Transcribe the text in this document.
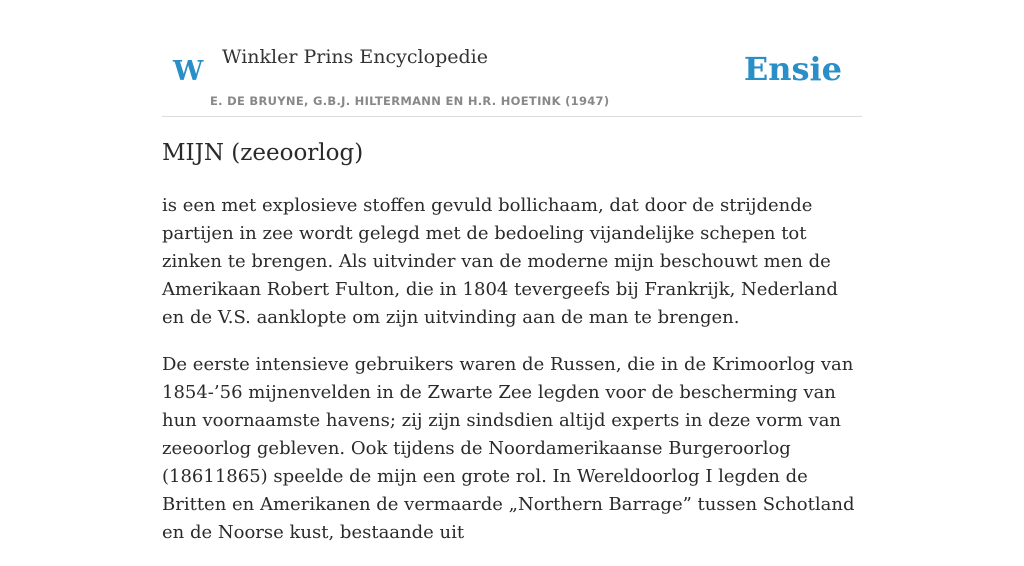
W Winkler Prins Encyclopedie
E. DE BRUYNE, G.B.J. HILTERMANN EN H.R. HOETINK (1947)
Ensie
MIJN (zeeoorlog)

is een met explosieve stoffen gevuld bollichaam, dat door de strijdende partijen in zee wordt gelegd met de bedoeling vijandelijke schepen tot zinken te brengen. Als uitvinder van de moderne mijn beschouwt men de Amerikaan Robert Fulton, die in 1804 tevergeefs bij Frankrijk, Nederland en de V.S. aanklopte om zijn uitvinding aan de man te brengen.

De eerste intensieve gebruikers waren de Russen, die in de Krimoorlog van 1854-’56 mijnenvelden in de Zwarte Zee legden voor de bescherming van hun voornaamste havens; zij zijn sindsdien altijd experts in deze vorm van zeeoorlog gebleven. Ook tijdens de Noordamerikaanse Burgeroorlog (18611865) speelde de mijn een grote rol. In Wereldoorlog I legden de Britten en Amerikanen de vermaarde „Northern Barrage” tussen Schotland en de Noorse kust, bestaande uit
